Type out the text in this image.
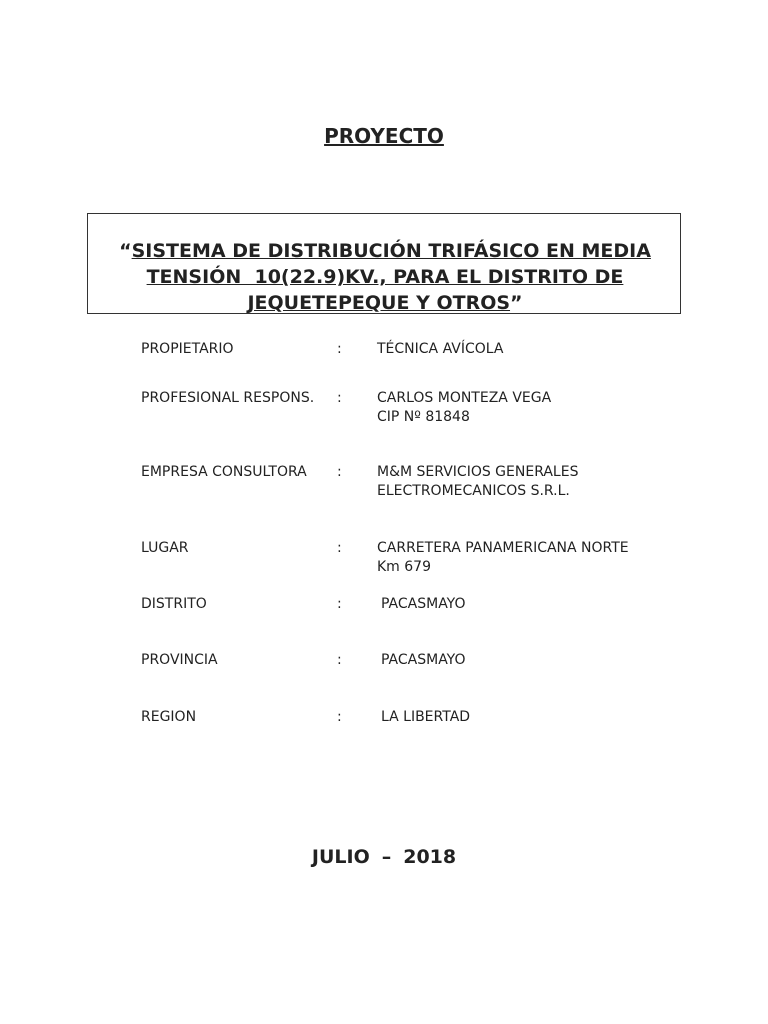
PROYECTO
“SISTEMA DE DISTRIBUCIÓN TRIFÁSICO EN MEDIA
TENSIÓN  10(22.9)KV., PARA EL DISTRITO DE
JEQUETEPEQUE Y OTROS”
PROPIETARIO	:	TÉCNICA AVÍCOLA
PROFESIONAL RESPONS. :	CARLOS MONTEZA VEGA
CIP Nº 81848
EMPRESA CONSULTORA :	M&M SERVICIOS GENERALES
ELECTROMECANICOS S.R.L.
LUGAR	:	CARRETERA PANAMERICANA NORTE
Km 679
DISTRITO	:	PACASMAYO
PROVINCIA	:	PACASMAYO
REGION	:	LA LIBERTAD
JULIO – 2018
